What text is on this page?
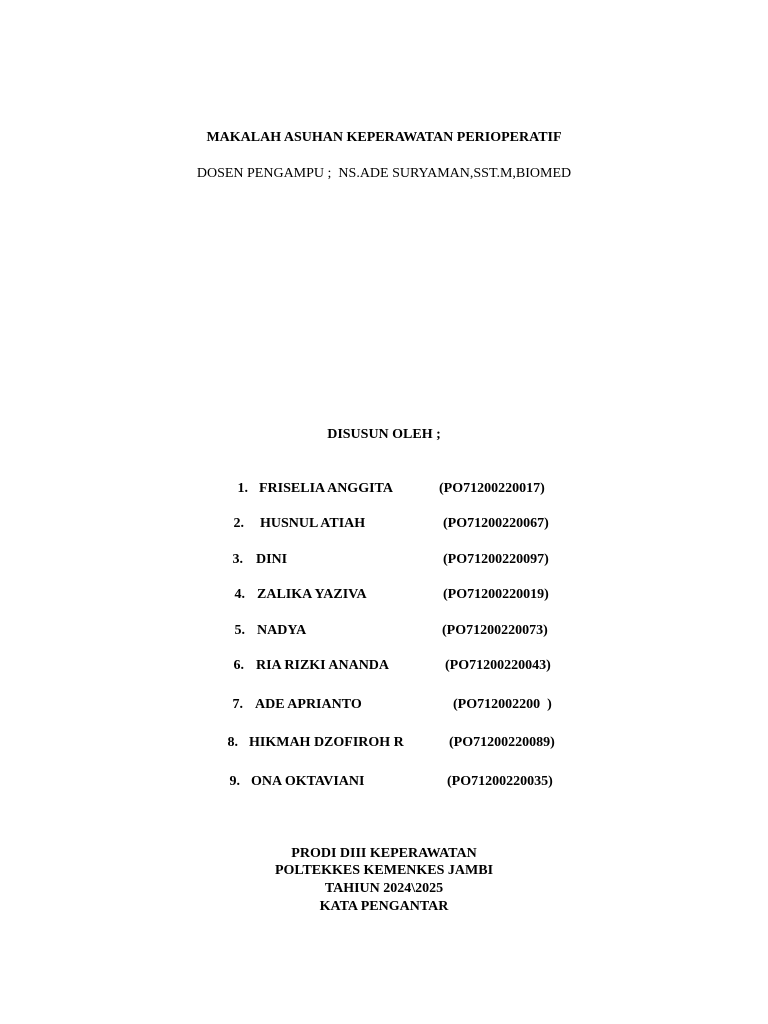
MAKALAH ASUHAN KEPERAWATAN PERIOPERATIF
DOSEN PENGAMPU ;  NS.ADE SURYAMAN,SST.M,BIOMED
DISUSUN OLEH ;
1. FRISELIA ANGGITA	(PO71200220017)
2. HUSNUL ATIAH	(PO71200220067)
3. DINI	(PO71200220097)
4. ZALIKA YAZIVA	(PO71200220019)
5. NADYA	(PO71200220073)
6. RIA RIZKI ANANDA	(PO71200220043)
7. ADE APRIANTO	(PO712002200  )
8. HIKMAH DZOFIROH R	(PO71200220089)
9. ONA OKTAVIANI	(PO71200220035)
PRODI DIII KEPERAWATAN
POLTEKKES KEMENKES JAMBI
TAHIUN 2024\2025
KATA PENGANTAR
